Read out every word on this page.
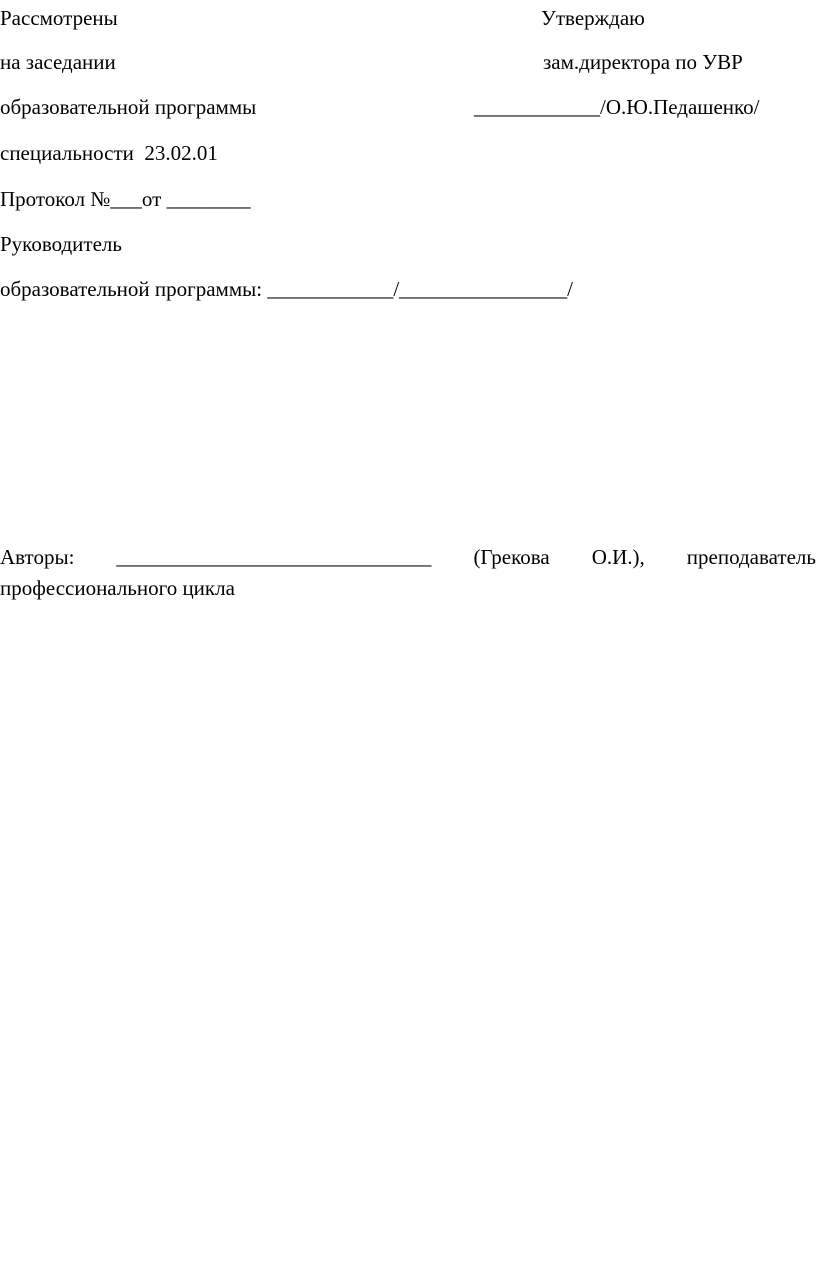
Рассмотрены
на заседании
образовательной программы
специальности  23.02.01
Протокол №___от ________
Руководитель
образовательной программы: ____________/________________/
Утверждаю
зам.директора по УВР
____________/О.Ю.Педашенко/
Авторы: ______________________________ (Грекова О.И.), преподаватель
профессионального цикла
